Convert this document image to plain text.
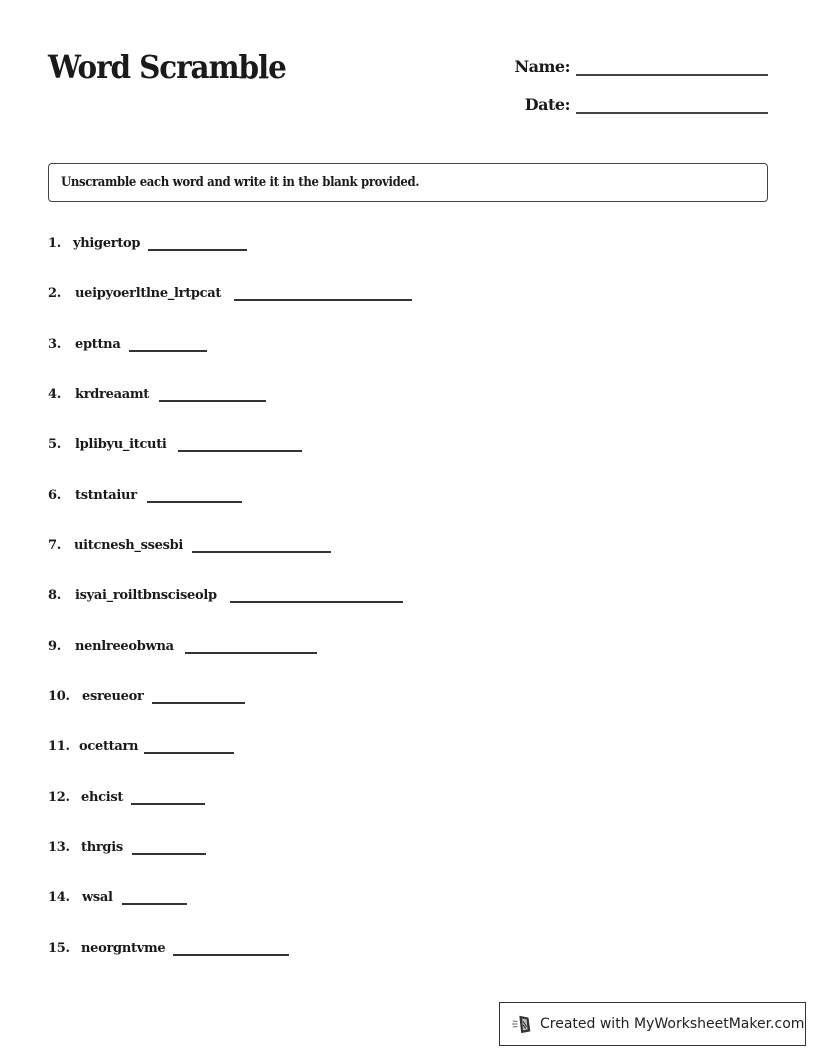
Word Scramble	Name:
Date:
Unscramble each word and write it in the blank provided.
1. yhigertop
2.	ueipyoerltlne_lrtpcat
3.	epttna
4.	krdreaamt
5.	lplibyu_itcuti
6.	tstntaiur
7.	uitcnesh_ssesbi
8.	isyai_roiltbnsciseolp
9.	nenlreeobwna
10. esreueor
11. ocettarn
12. ehcist
13. thrgis
14. wsal
15. neorgntvme
Created with MyWorksheetMaker.com
